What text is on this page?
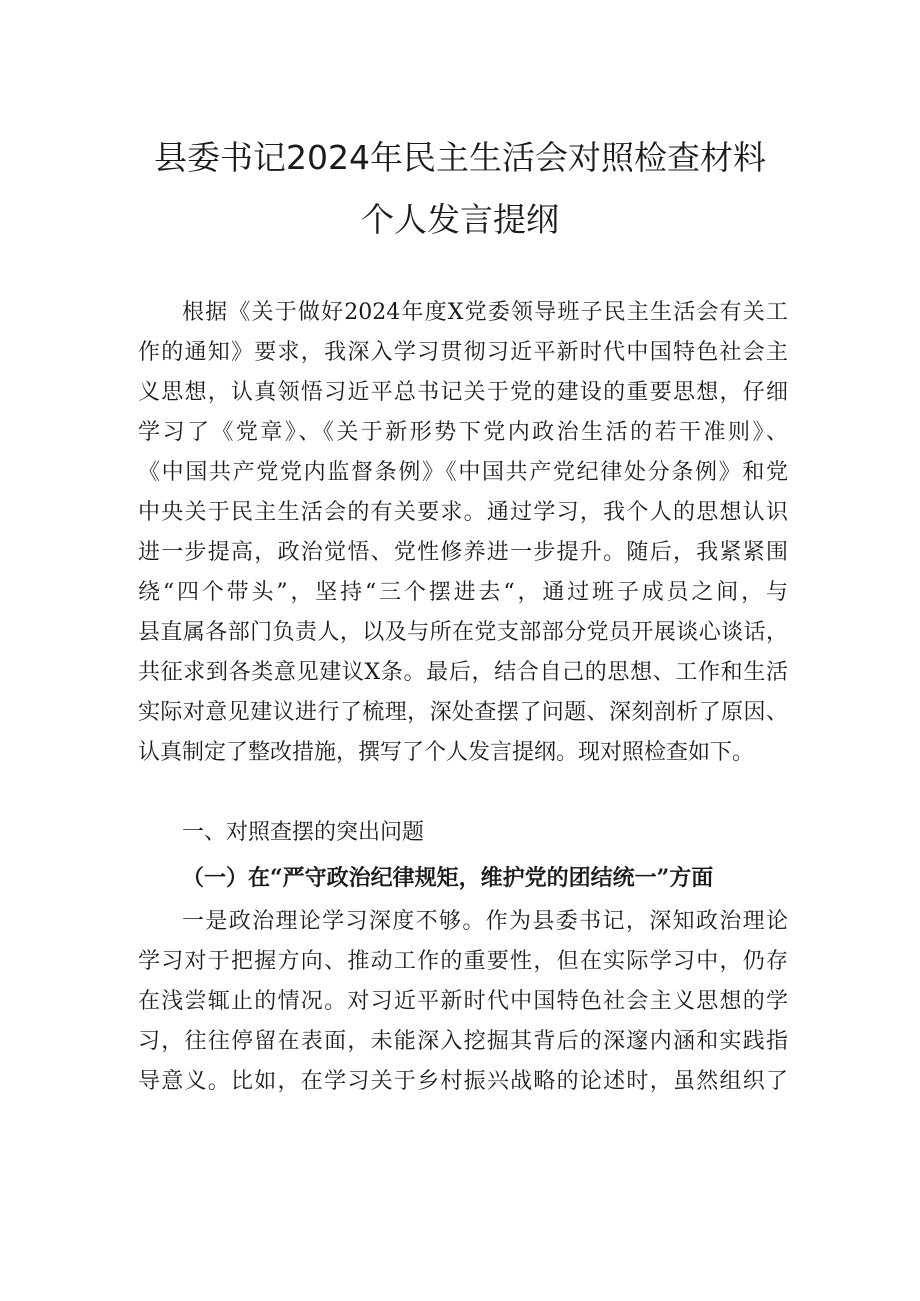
县委书记2024年民主生活会对照检查材料
个人发言提纲
根据《关于做好2024年度X党委领导班子民主生活会有关工
作的通知》要求，我深入学习贯彻习近平新时代中国特色社会主
义思想，认真领悟习近平总书记关于党的建设的重要思想，仔细
学习了《党章》、《关于新形势下党内政治生活的若干准则》、
《中国共产党党内监督条例》《中国共产党纪律处分条例》和党
中央关于民主生活会的有关要求。通过学习，我个人的思想认识
进一步提高，政治觉悟、党性修养进一步提升。随后，我紧紧围
绕“四个带头”，坚持“三个摆进去“，通过班子成员之间，与
县直属各部门负责人，以及与所在党支部部分党员开展谈心谈话，
共征求到各类意见建议X条。最后，结合自己的思想、工作和生活
实际对意见建议进行了梳理，深处查摆了问题、深刻剖析了原因、
认真制定了整改措施，撰写了个人发言提纲。现对照检查如下。
一、对照查摆的突出问题
（一）在“严守政治纪律规矩，维护党的团结统一”方面
一是政治理论学习深度不够。作为县委书记，深知政治理论
学习对于把握方向、推动工作的重要性，但在实际学习中，仍存
在浅尝辄止的情况。对习近平新时代中国特色社会主义思想的学
习，往往停留在表面，未能深入挖掘其背后的深邃内涵和实践指
导意义。比如，在学习关于乡村振兴战略的论述时，虽然组织了
